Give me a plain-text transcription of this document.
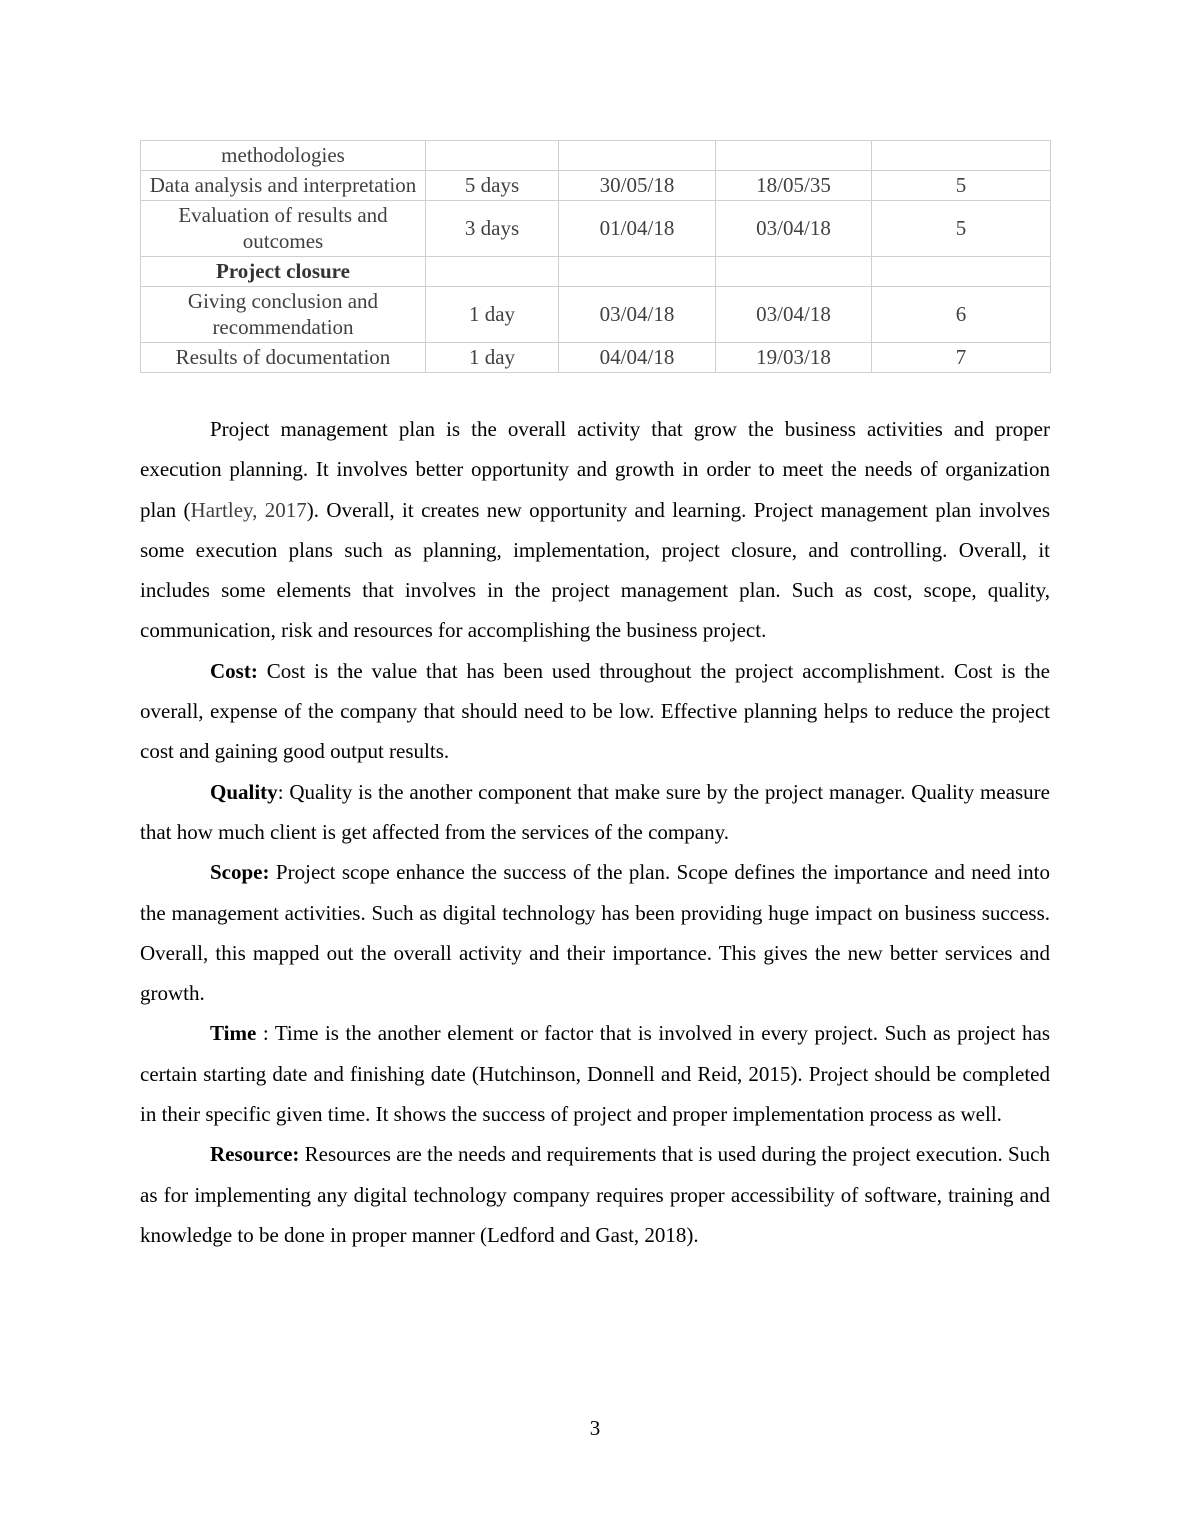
methodologies				
Data analysis and interpretation	5 days	30/05/18	18/05/35	5
Evaluation of results and outcomes	3 days	01/04/18	03/04/18	5
Project closure				
Giving conclusion and recommendation	1 day	03/04/18	03/04/18	6
Results of documentation	1 day	04/04/18	19/03/18	7

Project management plan is the overall activity that grow the business activities and proper execution planning. It involves better opportunity and growth in order to meet the needs of organization plan (Hartley, 2017). Overall, it creates new opportunity and learning. Project management plan involves some execution plans such as planning, implementation, project closure, and controlling. Overall, it includes some elements that involves in the project management plan. Such as cost, scope, quality, communication, risk and resources for accomplishing the business project.

Cost: Cost is the value that has been used throughout the project accomplishment. Cost is the overall, expense of the company that should need to be low. Effective planning helps to reduce the project cost and gaining good output results.

Quality: Quality is the another component that make sure by the project manager. Quality measure that how much client is get affected from the services of the company.

Scope: Project scope enhance the success of the plan. Scope defines the importance and need into the management activities. Such as digital technology has been providing huge impact on business success. Overall, this mapped out the overall activity and their importance. This gives the new better services and growth.

Time : Time is the another element or factor that is involved in every project. Such as project has certain starting date and finishing date (Hutchinson, Donnell and Reid, 2015). Project should be completed in their specific given time. It shows the success of project and proper implementation process as well.

Resource: Resources are the needs and requirements that is used during the project execution. Such as for implementing any digital technology company requires proper accessibility of software, training and knowledge to be done in proper manner (Ledford and Gast, 2018).

3
